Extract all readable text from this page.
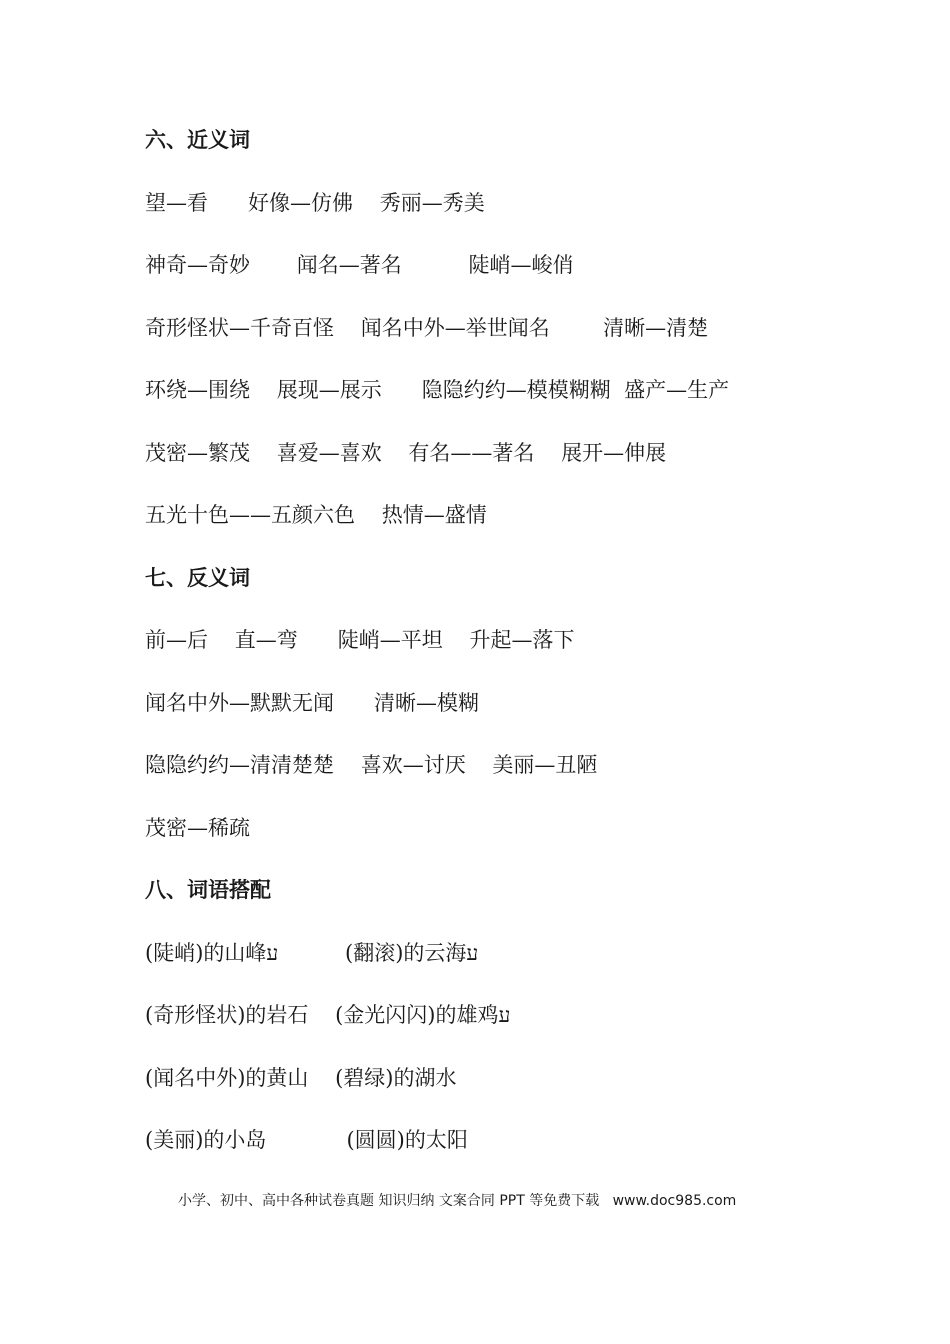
六、近义词
望—看      好像—仿佛    秀丽—秀美
神奇—奇妙       闻名—著名          陡峭—峻俏
奇形怪状—千奇百怪    闻名中外—举世闻名        清晰—清楚
环绕—围绕    展现—展示      隐隐约约—模模糊糊  盛产—生产
茂密—繁茂    喜爱—喜欢    有名——著名    展开—伸展
五光十色——五颜六色    热情—盛情
七、反义词
前—后    直—弯      陡峭—平坦    升起—落下
闻名中外—默默无闻      清晰—模糊
隐隐约约—清清楚楚    喜欢—讨厌    美丽—丑陋
茂密—稀疏
八、词语搭配
(陡峭)的山峰ע          (翻滚)的云海ע
(奇形怪状)的岩石    (金光闪闪)的雄鸡ע
(闻名中外)的黄山    (碧绿)的湖水
(美丽)的小岛            (圆圆)的太阳
小学、初中、高中各种试卷真题 知识归纳 文案合同 PPT 等免费下载   www.doc985.com
